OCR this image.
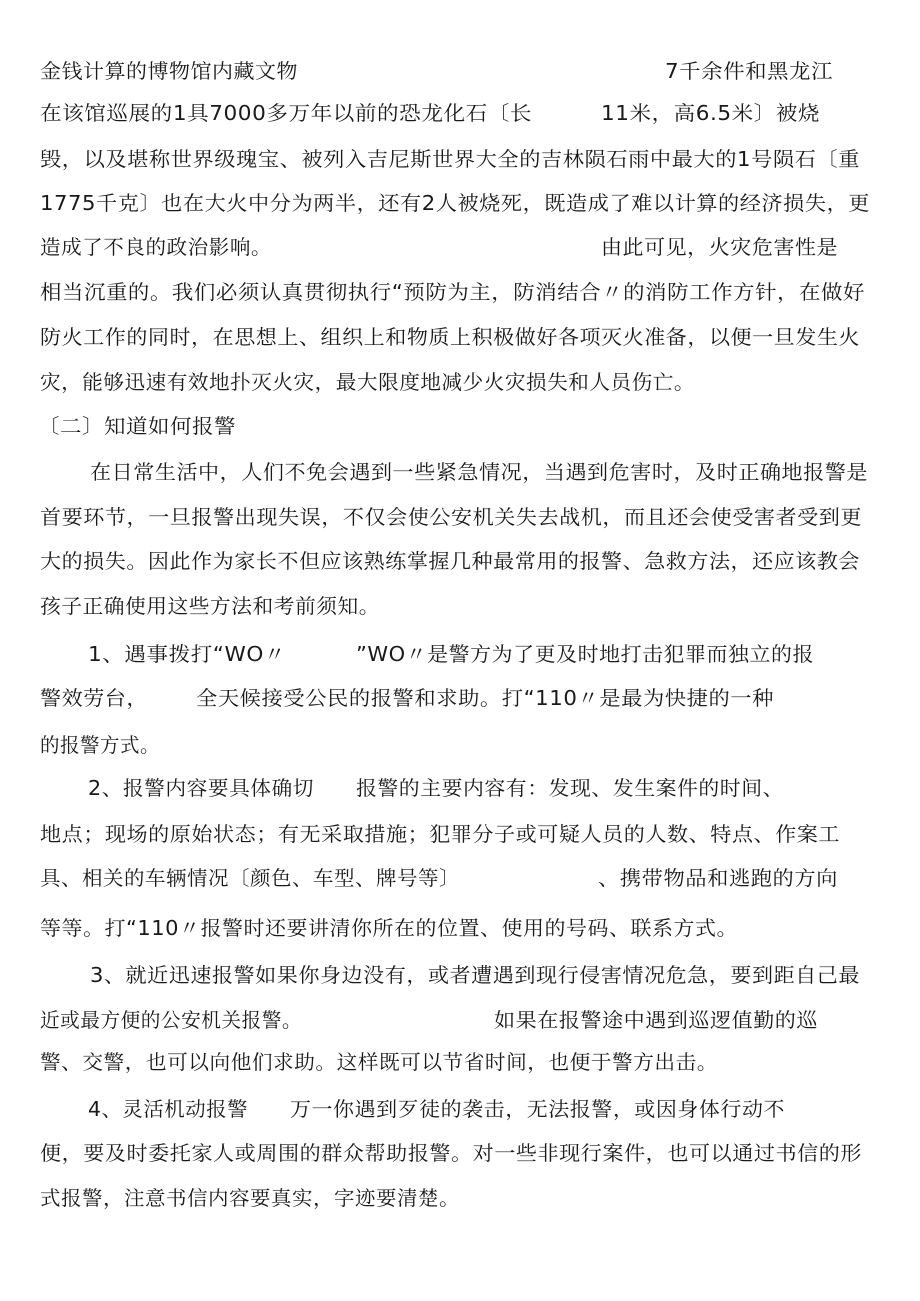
金钱计算的博物馆内藏文物	7千余件和黑龙江
在该馆巡展的1具7000多万年以前的恐龙化石〔长	11米，高6.5米〕被烧
毁，以及堪称世界级瑰宝、被列入吉尼斯世界大全的吉林陨石雨中最大的1号陨石〔重
1775千克〕也在大火中分为两半，还有2人被烧死，既造成了难以计算的经济损失，更
造成了不良的政治影响。	由此可见，火灾危害性是
相当沉重的。我们必须认真贯彻执行“预防为主，防消结合〃的消防工作方针，在做好
防火工作的同时，在思想上、组织上和物质上积极做好各项灭火准备，以便一旦发生火
灾，能够迅速有效地扑灭火灾，最大限度地减少火灾损失和人员伤亡。
〔二〕知道如何报警
在日常生活中，人们不免会遇到一些紧急情况，当遇到危害时，及时正确地报警是
首要环节，一旦报警出现失误，不仅会使公安机关失去战机，而且还会使受害者受到更
大的损失。因此作为家长不但应该熟练掌握几种最常用的报警、急救方法，还应该教会
孩子正确使用这些方法和考前须知。
1、遇事拨打“WO〃	”WO〃是警方为了更及时地打击犯罪而独立的报
警效劳台， 全天候接受公民的报警和求助。打“110〃是最为快捷的一种
的报警方式。
2、报警内容要具体确切 报警的主要内容有：发现、发生案件的时间、
地点；现场的原始状态；有无采取措施；犯罪分子或可疑人员的人数、特点、作案工
具、相关的车辆情况〔颜色、车型、牌号等〕	、携带物品和逃跑的方向
等等。打“110〃报警时还要讲清你所在的位置、使用的号码、联系方式。
3、就近迅速报警如果你身边没有，或者遭遇到现行侵害情况危急，要到距自己最
近或最方便的公安机关报警。	如果在报警途中遇到巡逻值勤的巡
警、交警，也可以向他们求助。这样既可以节省时间，也便于警方出击。
4、灵活机动报警 万一你遇到歹徒的袭击，无法报警，或因身体行动不
便，要及时委托家人或周围的群众帮助报警。对一些非现行案件，也可以通过书信的形
式报警，注意书信内容要真实，字迹要清楚。
